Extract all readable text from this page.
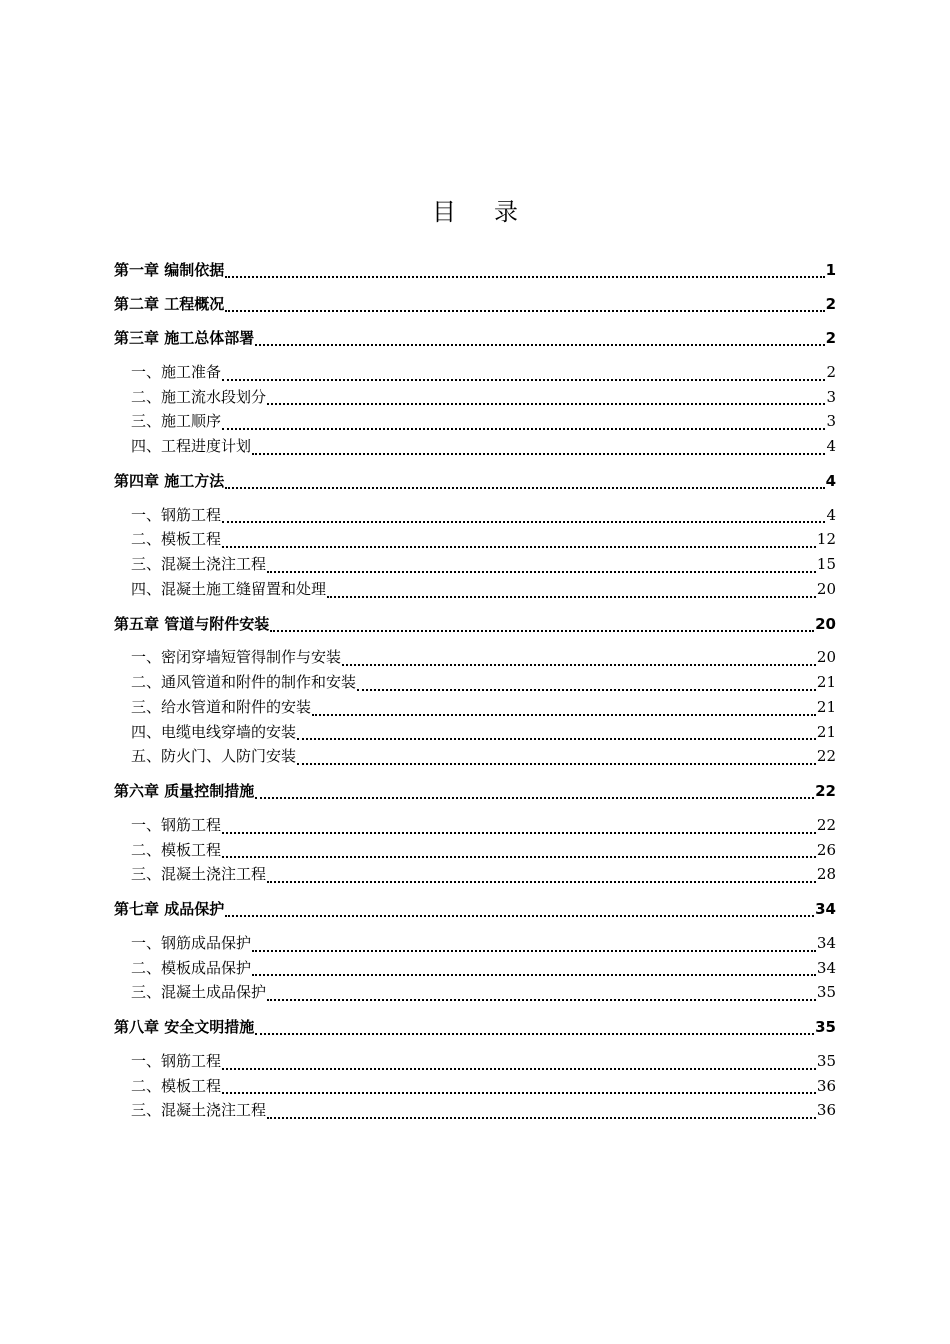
目 录
第一章 编制依据	1
第二章 工程概况	2
第三章 施工总体部署	2
一、施工准备	2
二、施工流水段划分	3
三、施工顺序	3
四、工程进度计划	4
第四章 施工方法	4
一、钢筋工程	4
二、模板工程	12
三、混凝土浇注工程	15
四、混凝土施工缝留置和处理	20
第五章 管道与附件安装	20
一、密闭穿墙短管得制作与安装	20
二、通风管道和附件的制作和安装	21
三、给水管道和附件的安装	21
四、电缆电线穿墙的安装	21
五、防火门、人防门安装	22
第六章 质量控制措施	22
一、钢筋工程	22
二、模板工程	26
三、混凝土浇注工程	28
第七章 成品保护	34
一、钢筋成品保护	34
二、模板成品保护	34
三、混凝土成品保护	35
第八章 安全文明措施	35
一、钢筋工程	35
二、模板工程	36
三、混凝土浇注工程	36
